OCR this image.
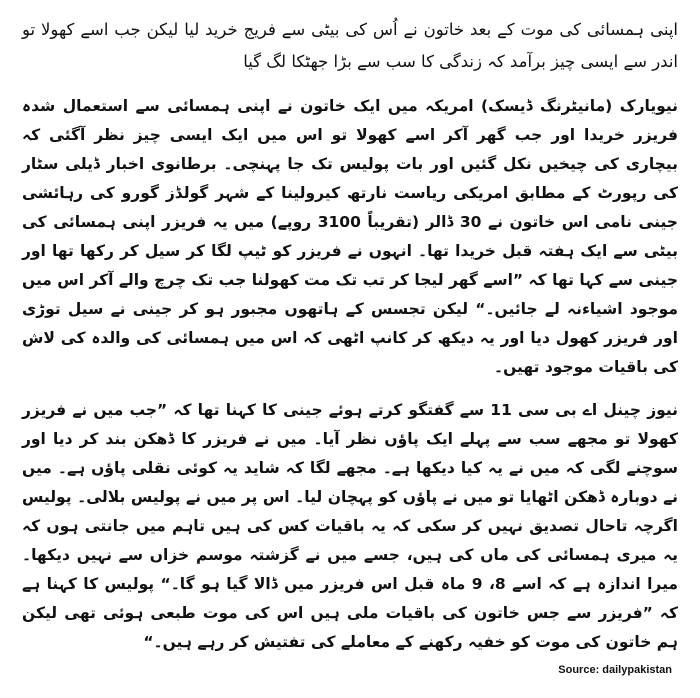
اپنی ہمسائی کی موت کے بعد خاتون نے اُس کی بیٹی سے فریج خرید لیا لیکن جب اسے کھولا تو اندر سے ایسی چیز برآمد کہ زندگی کا سب سے بڑا جھٹکا لگ گیا

نیویارک (مانیٹرنگ ڈیسک) امریکہ میں ایک خاتون نے اپنی ہمسائی سے استعمال شدہ فریزر خریدا اور جب گھر آکر اسے کھولا تو اس میں ایک ایسی چیز نظر آگئی کہ بیچاری کی چیخیں نکل گئیں اور بات پولیس تک جا پہنچی۔ برطانوی اخبار ڈیلی سٹار کی رپورٹ کے مطابق امریکی ریاست نارتھ کیرولینا کے شہر گولڈز گورو کی رہائشی جینی نامی اس خاتون نے 30 ڈالر (تقریباً 3100 روپے) میں یہ فریزر اپنی ہمسائی کی بیٹی سے ایک ہفتہ قبل خریدا تھا۔ انہوں نے فریزر کو ٹیپ لگا کر سیل کر رکھا تھا اور جینی سے کہا تھا کہ ”اسے گھر لیجا کر تب تک مت کھولنا جب تک چرچ والے آکر اس میں موجود اشیاءنہ لے جائیں۔“ لیکن تجسس کے ہاتھوں مجبور ہو کر جینی نے سیل توڑی اور فریزر کھول دیا اور یہ دیکھ کر کانپ اٹھی کہ اس میں ہمسائی کی والدہ کی لاش کی باقیات موجود تھیں۔

نیوز چینل اے بی سی 11 سے گفتگو کرتے ہوئے جینی کا کہنا تھا کہ ”جب میں نے فریزر کھولا تو مجھے سب سے پہلے ایک پاﺅں نظر آیا۔ میں نے فریزر کا ڈھکن بند کر دیا اور سوچنے لگی کہ میں نے یہ کیا دیکھا ہے۔ مجھے لگا کہ شاید یہ کوئی نقلی پاﺅں ہے۔ میں نے دوبارہ ڈھکن اٹھایا تو میں نے پاﺅں کو پہچان لیا۔ اس پر میں نے پولیس بلالی۔ پولیس اگرچہ تاحال تصدیق نہیں کر سکی کہ یہ باقیات کس کی ہیں تاہم میں جانتی ہوں کہ یہ میری ہمسائی کی ماں کی ہیں، جسے میں نے گزشتہ موسم خزاں سے نہیں دیکھا۔ میرا اندازہ ہے کہ اسے 8، 9 ماہ قبل اس فریزر میں ڈالا گیا ہو گا۔“ پولیس کا کہنا ہے کہ ”فریزر سے جس خاتون کی باقیات ملی ہیں اس کی موت طبعی ہوئی تھی لیکن ہم خاتون کی موت کو خفیہ رکھنے کے معاملے کی تفتیش کر رہے ہیں۔“

Source: dailypakistan
